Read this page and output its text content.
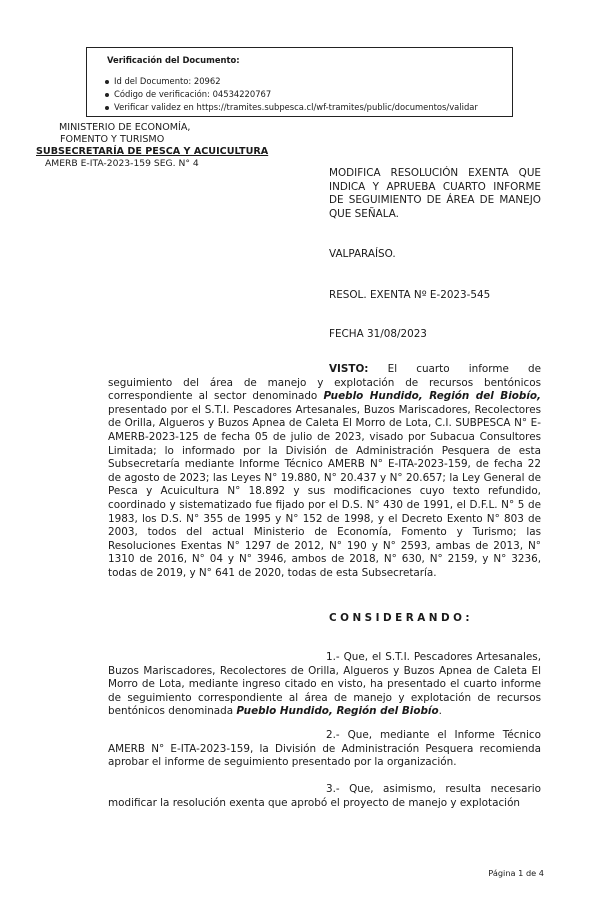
Verificación del Documento:
Id del Documento: 20962
Código de verificación: 04534220767
Verificar validez en https://tramites.subpesca.cl/wf-tramites/public/documentos/validar
MINISTERIO DE ECONOMÍA,
FOMENTO Y TURISMO
SUBSECRETARÍA DE PESCA Y ACUICULTURA
AMERB E-ITA-2023-159 SEG. N° 4
MODIFICA RESOLUCIÓN EXENTA QUE INDICA Y APRUEBA CUARTO INFORME DE SEGUIMIENTO DE ÁREA DE MANEJO QUE SEÑALA.
VALPARAÍSO.
RESOL. EXENTA Nº E-2023-545
FECHA 31/08/2023

VISTO: El cuarto informe de seguimiento del área de manejo y explotación de recursos bentónicos correspondiente al sector denominado Pueblo Hundido, Región del Biobío, presentado por el S.T.I. Pescadores Artesanales, Buzos Mariscadores, Recolectores de Orilla, Algueros y Buzos Apnea de Caleta El Morro de Lota, C.I. SUBPESCA N° E-AMERB-2023-125 de fecha 05 de julio de 2023, visado por Subacua Consultores Limitada; lo informado por la División de Administración Pesquera de esta Subsecretaría mediante Informe Técnico AMERB N° E-ITA-2023-159, de fecha 22 de agosto de 2023; las Leyes N° 19.880, N° 20.437 y N° 20.657; la Ley General de Pesca y Acuicultura N° 18.892 y sus modificaciones cuyo texto refundido, coordinado y sistematizado fue fijado por el D.S. N° 430 de 1991, el D.F.L. N° 5 de 1983, los D.S. N° 355 de 1995 y N° 152 de 1998, y el Decreto Exento N° 803 de 2003, todos del actual Ministerio de Economía, Fomento y Turismo; las Resoluciones Exentas N° 1297 de 2012, N° 190 y N° 2593, ambas de 2013, N° 1310 de 2016, N° 04 y N° 3946, ambos de 2018, N° 630, N° 2159, y N° 3236, todas de 2019, y N° 641 de 2020, todas de esta Subsecretaría.

CONSIDERANDO:

1.- Que, el S.T.I. Pescadores Artesanales, Buzos Mariscadores, Recolectores de Orilla, Algueros y Buzos Apnea de Caleta El Morro de Lota, mediante ingreso citado en visto, ha presentado el cuarto informe de seguimiento correspondiente al área de manejo y explotación de recursos bentónicos denominada Pueblo Hundido, Región del Biobío.

2.- Que, mediante el Informe Técnico AMERB N° E-ITA-2023-159, la División de Administración Pesquera recomienda aprobar el informe de seguimiento presentado por la organización.

3.- Que, asimismo, resulta necesario modificar la resolución exenta que aprobó el proyecto de manejo y explotación

Página 1 de 4
